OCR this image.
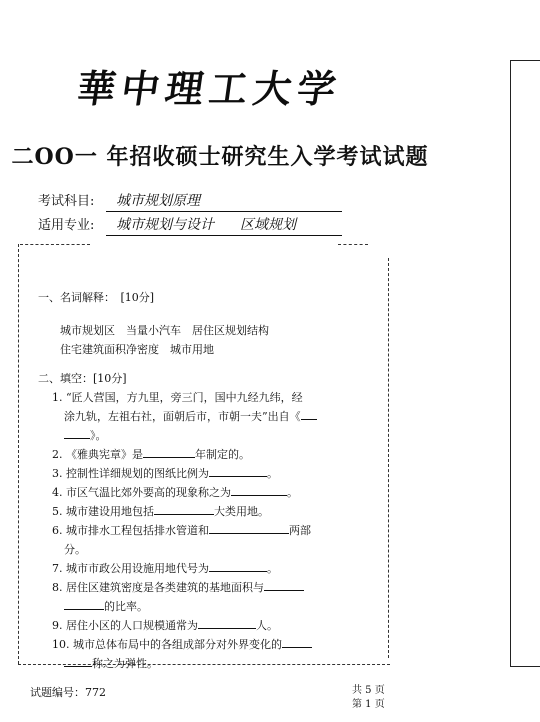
華中理工大学
二OO一 年招收硕士研究生入学考试试题
考试科目: 城市规划原理
适用专业: 城市规划与设计 区域规划
一、名词解释：　 [10分]
城市规划区　当量小汽车　居住区规划结构
住宅建筑面积净密度　城市用地
二、填空：[10分]
1. “匠人营国，方九里，旁三门，国中九经九纬，经
涂九轨，左祖右社，面朝后市，市朝一夫”出自《
》。
2. 《雅典宪章》是	年制定的。
3. 控制性详细规划的图纸比例为	。
4. 市区气温比郊外要高的现象称之为	。
5. 城市建设用地包括	大类用地。
6. 城市排水工程包括排水管道和	两部
分。
7. 城市市政公用设施用地代号为	。
8. 居住区建筑密度是各类建筑的基地面积与
的比率。
9. 居住小区的人口规模通常为	人。
10. 城市总体布局中的各组成部分对外界变化的
称之为弹性。
试题编号：772	共 5 页
第 1 页
